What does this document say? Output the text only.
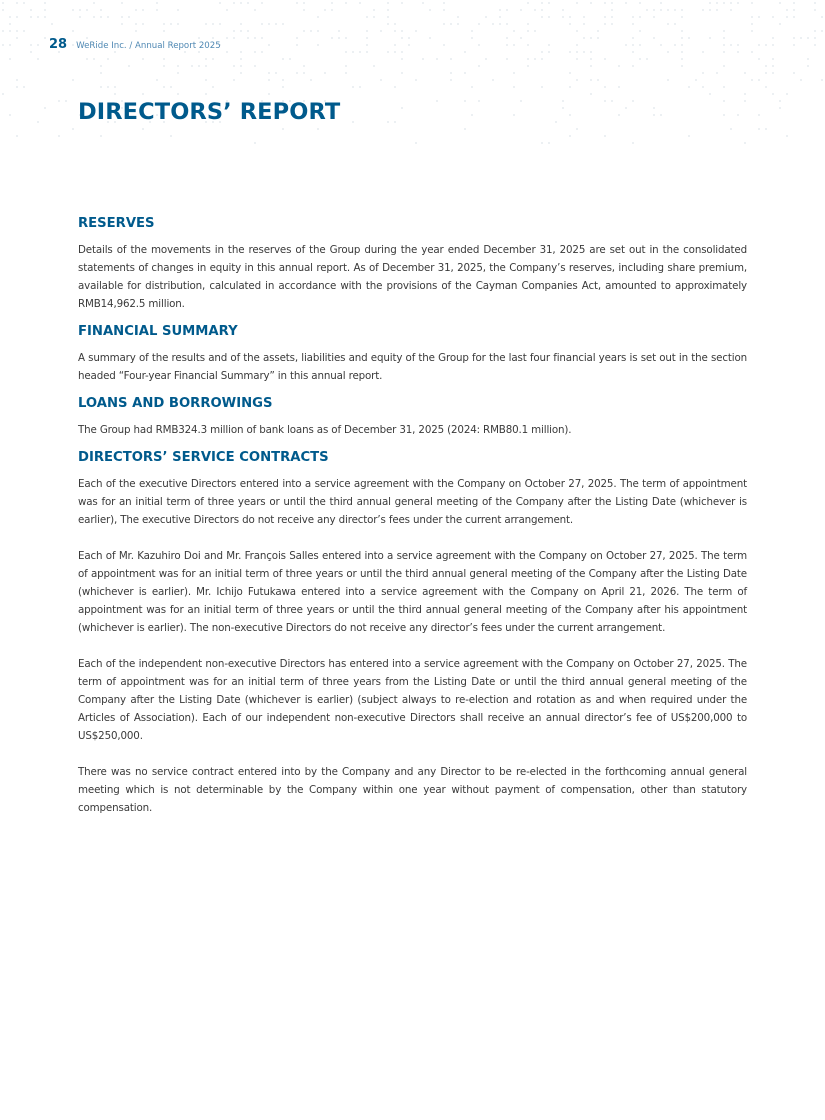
28 WeRide Inc. / Annual Report 2025
DIRECTORS’ REPORT
RESERVES

Details of the movements in the reserves of the Group during the year ended December 31, 2025 are set out in the consolidated statements of changes in equity in this annual report. As of December 31, 2025, the Company’s reserves, including share premium, available for distribution, calculated in accordance with the provisions of the Cayman Companies Act, amounted to approximately RMB14,962.5 million.

FINANCIAL SUMMARY

A summary of the results and of the assets, liabilities and equity of the Group for the last four financial years is set out in the section headed “Four-year Financial Summary” in this annual report.

LOANS AND BORROWINGS

The Group had RMB324.3 million of bank loans as of December 31, 2025 (2024: RMB80.1 million).

DIRECTORS’ SERVICE CONTRACTS

Each of the executive Directors entered into a service agreement with the Company on October 27, 2025. The term of appointment was for an initial term of three years or until the third annual general meeting of the Company after the Listing Date (whichever is earlier), The executive Directors do not receive any director’s fees under the current arrangement.

Each of Mr. Kazuhiro Doi and Mr. François Salles entered into a service agreement with the Company on October 27, 2025. The term of appointment was for an initial term of three years or until the third annual general meeting of the Company after the Listing Date (whichever is earlier). Mr. Ichijo Futukawa entered into a service agreement with the Company on April 21, 2026. The term of appointment was for an initial term of three years or until the third annual general meeting of the Company after his appointment (whichever is earlier). The non-executive Directors do not receive any director’s fees under the current arrangement.

Each of the independent non-executive Directors has entered into a service agreement with the Company on October 27, 2025. The term of appointment was for an initial term of three years from the Listing Date or until the third annual general meeting of the Company after the Listing Date (whichever is earlier) (subject always to re-election and rotation as and when required under the Articles of Association). Each of our independent non-executive Directors shall receive an annual director’s fee of US$200,000 to US$250,000.

There was no service contract entered into by the Company and any Director to be re-elected in the forthcoming annual general meeting which is not determinable by the Company within one year without payment of compensation, other than statutory compensation.
